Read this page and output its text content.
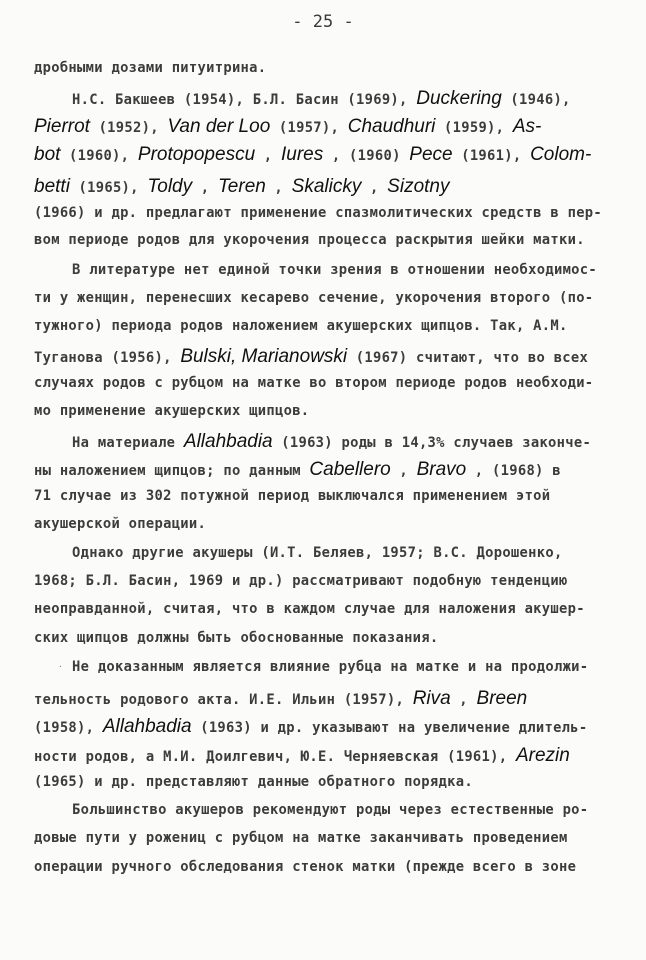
- 25 -
дробными дозами питуитрина.
Н.С. Бакшеев (1954), Б.Л. Басин (1969), Duckering (1946),
Pierrot (1952), Van der Loo (1957), Chaudhuri (1959), As-
bot (1960), Protopopescu , Iures , (1960) Pece (1961), Colom-
betti (1965), Toldy , Teren , Skalicky , Sizotny
(1966) и др. предлагают применение спазмолитических средств в пер-
вом периоде родов для укорочения процесса раскрытия шейки матки.
В литературе нет единой точки зрения в отношении необходимос-
ти у женщин, перенесших кесарево сечение, укорочения второго (по-
тужного) периода родов наложением акушерских щипцов. Так, А.М.
Туганова (1956), Bulski, Marianowski (1967) считают, что во всех
случаях родов с рубцом на матке во втором периоде родов необходи-
мо применение акушерских щипцов.
На материале Allahbadia (1963) роды в 14,3% случаев закончe-
ны наложением щипцов; по данным Cabellero , Bravo , (1968) в
71 случае из 302 потужной период выключался применением этой
акушерской операции.
Однако другие акушеры (И.Т. Беляев, 1957; В.С. Дорошенко,
1968; Б.Л. Басин, 1969 и др.) рассматривают подобную тенденцию
неоправданной, считая, что в каждом случае для наложения акушер-
ских щипцов должны быть обоснованные показания.
Не доказанным является влияние рубца на матке и на продолжи-
тельность родового акта. И.Е. Ильин (1957), Riva , Breen
(1958), Allahbadia (1963) и др. указывают на увеличение длитель-
ности родов, а М.И. Доилгевич, Ю.Е. Черняевская (1961), Arezin
(1965) и др. представляют данные обратного порядка.
Большинство акушеров рекомендуют роды через естественные ро-
довые пути у рожениц с рубцом на матке заканчивать проведением
операции ручного обследования стенок матки (прежде всего в зоне
·
